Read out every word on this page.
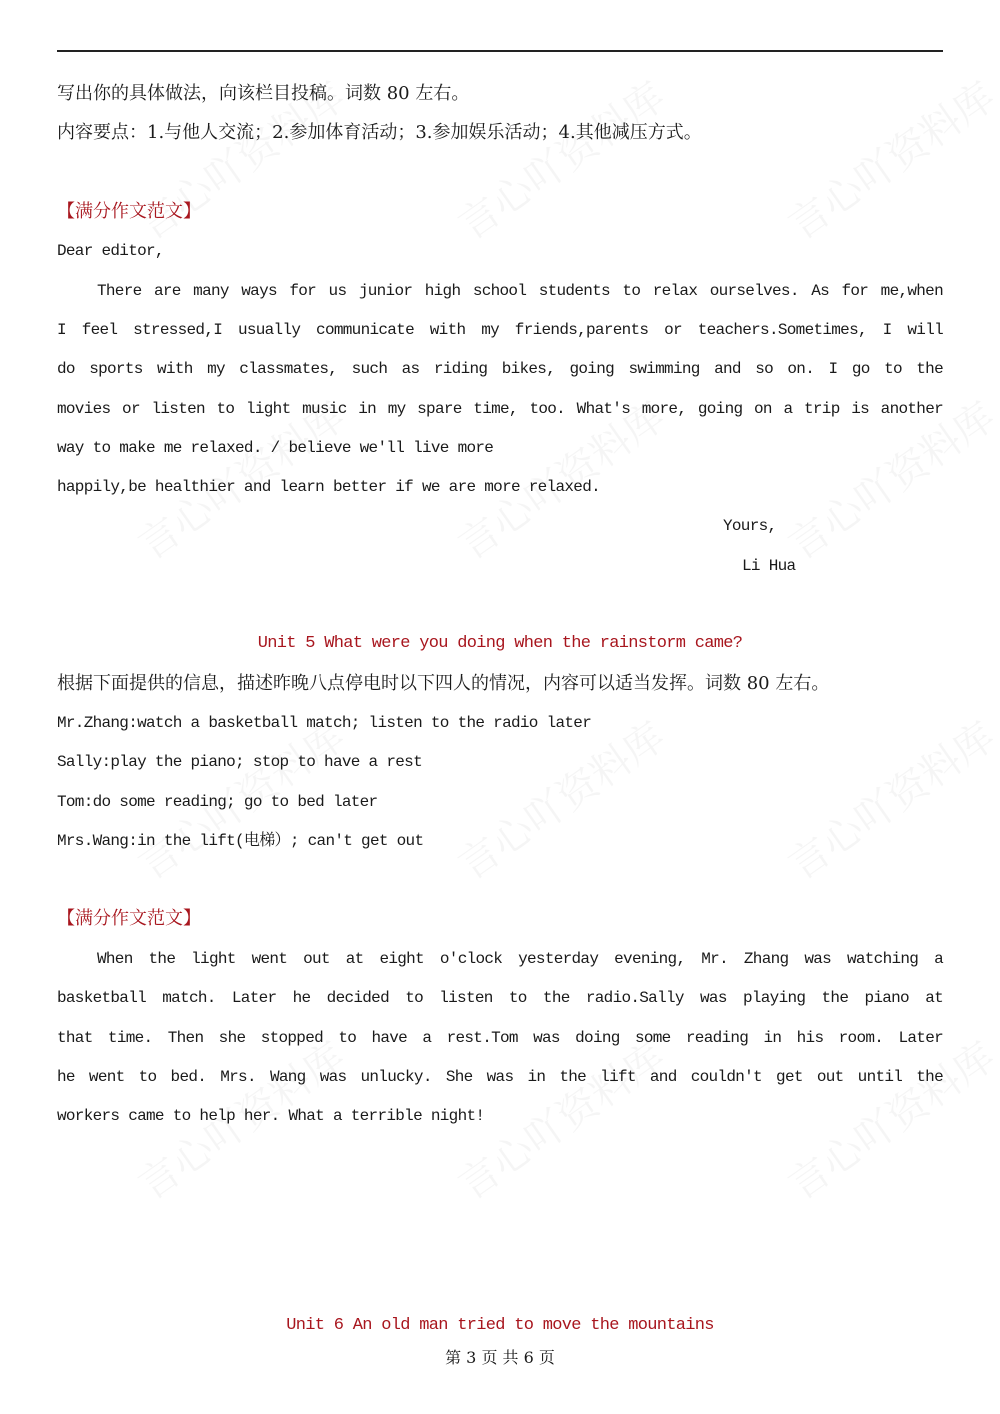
写出你的具体做法，向该栏目投稿。词数 80 左右。
内容要点：1.与他人交流；2.参加体育活动；3.参加娱乐活动；4.其他减压方式。
【满分作文范文】
Dear editor,
There are many ways for us junior high school students to relax ourselves. As for me,when
I feel stressed,I usually communicate with my friends,parents or teachers.Sometimes, I will
do sports with my classmates, such as riding bikes, going swimming and so on. I go to the
movies or listen to light music in my spare time, too. What's more, going on a trip is another
way to make me relaxed. / believe we'll live more
happily,be healthier and learn better if we are more relaxed.
Yours,
Li Hua
Unit 5 What were you doing when the rainstorm came?
根据下面提供的信息，描述昨晚八点停电时以下四人的情况，内容可以适当发挥。词数 80 左右。
Mr.Zhang:watch a basketball match; listen to the radio later
Sally:play the piano; stop to have a rest
Tom:do some reading; go to bed later
Mrs.Wang:in the lift(电梯）; can't get out
【满分作文范文】
When the light went out at eight o'clock yesterday evening, Mr. Zhang was watching a
basketball match. Later he decided to listen to the radio.Sally was playing the piano at
that time. Then she stopped to have a rest.Tom was doing some reading in his room. Later
he went to bed. Mrs. Wang was unlucky. She was in the lift and couldn't get out until the
workers came to help her. What a terrible night!
Unit 6 An old man tried to move the mountains
第 3 页 共 6 页
